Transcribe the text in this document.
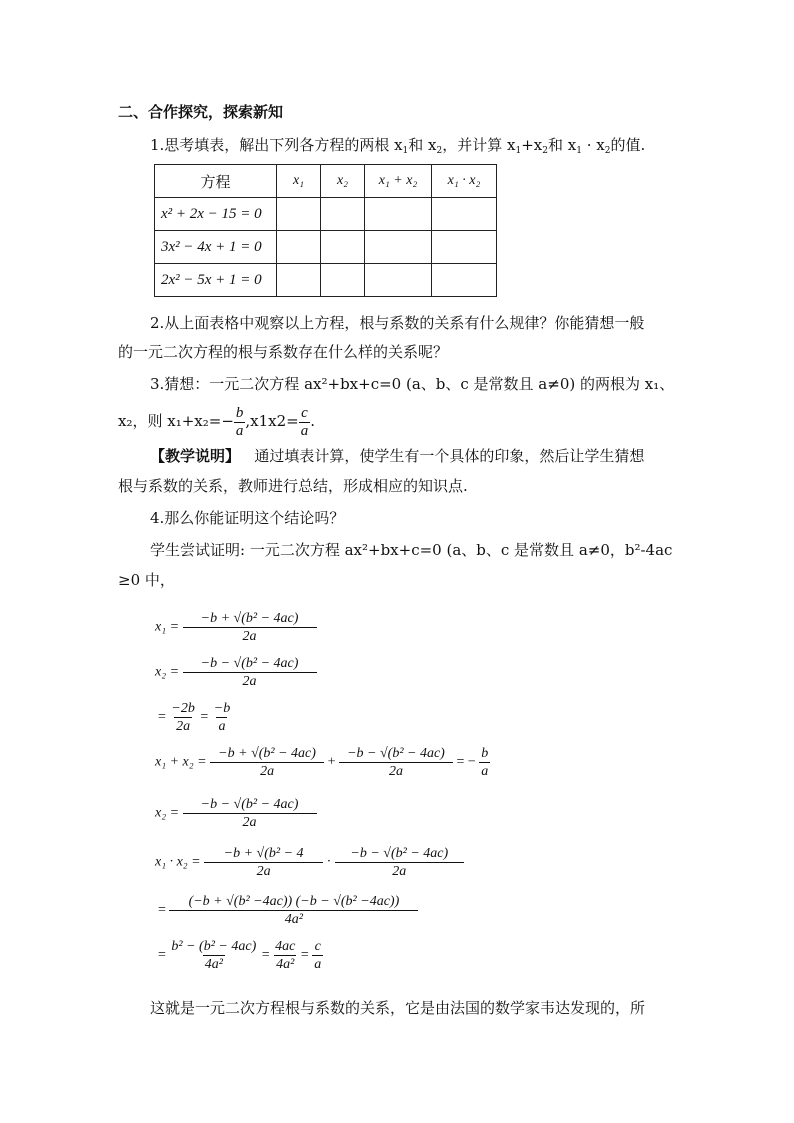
二、合作探究，探索新知
1.思考填表，解出下列各方程的两根 $x_1$和 $x_2$，并计算 $x_1+x_2$和 $x_1 \cdot x_2$的值.
方程	x₁	x₂	x₁ + x₂	x₁ · x₂
x² + 2x − 15 = 0				
3x² − 4x + 1 = 0				
2x² − 5x + 1 = 0				
2.从上面表格中观察以上方程，根与系数的关系有什么规律？你能猜想一般
的一元二次方程的根与系数存在什么样的关系呢？
3.猜想：一元二次方程 ax²+bx+c=0 (a、b、c 是常数且 a≠0) 的两根为 x₁、
x₂，则 $x_1+x_2=- \frac{b}{a} ,x1x2= \frac{c}{a}$ .
【教学说明】 通过填表计算，使学生有一个具体的印象，然后让学生猜想
根与系数的关系，教师进行总结，形成相应的知识点.
4.那么你能证明这个结论吗？
学生尝试证明: 一元二次方程 ax²+bx+c=0 (a、b、c 是常数且 a≠0，b²-4ac
≥0 中，
$x_1 = \frac{\text{−b + √(b² − 4ac)}}{2a}$
$x_2 = \frac{\text{−b − √(b² − 4ac)}}{2a}$
= $\frac{-2b}{2a} = \frac{-b}{a}$
$x_1 + x_2 = \frac{\text{−b + √(b² − 4ac)}}{2a} + \frac{\text{−b − √(b² − 4ac)}}{2a}$ = − $\frac{b}{a}$
$x_2 = \frac{\text{−b − √(b² − 4ac)}}{2a}$
$x_1 \cdot x_2 = \frac{\text{−b + √(b² − 4}}{2a} \cdot \frac{\text{−b − √(b² − 4ac)}}{2a}$
= $\frac{\text{(−b + √(b² −4ac)) (−b − √(b² −4ac))}}{\text{4a²}}$
= $\frac{\text{b² − (b² − 4ac)}}{\text{4a²}} = \frac{4ac}{\text{4a²}} = \frac{c}{a}$
这就是一元二次方程根与系数的关系，它是由法国的数学家韦达发现的，所
